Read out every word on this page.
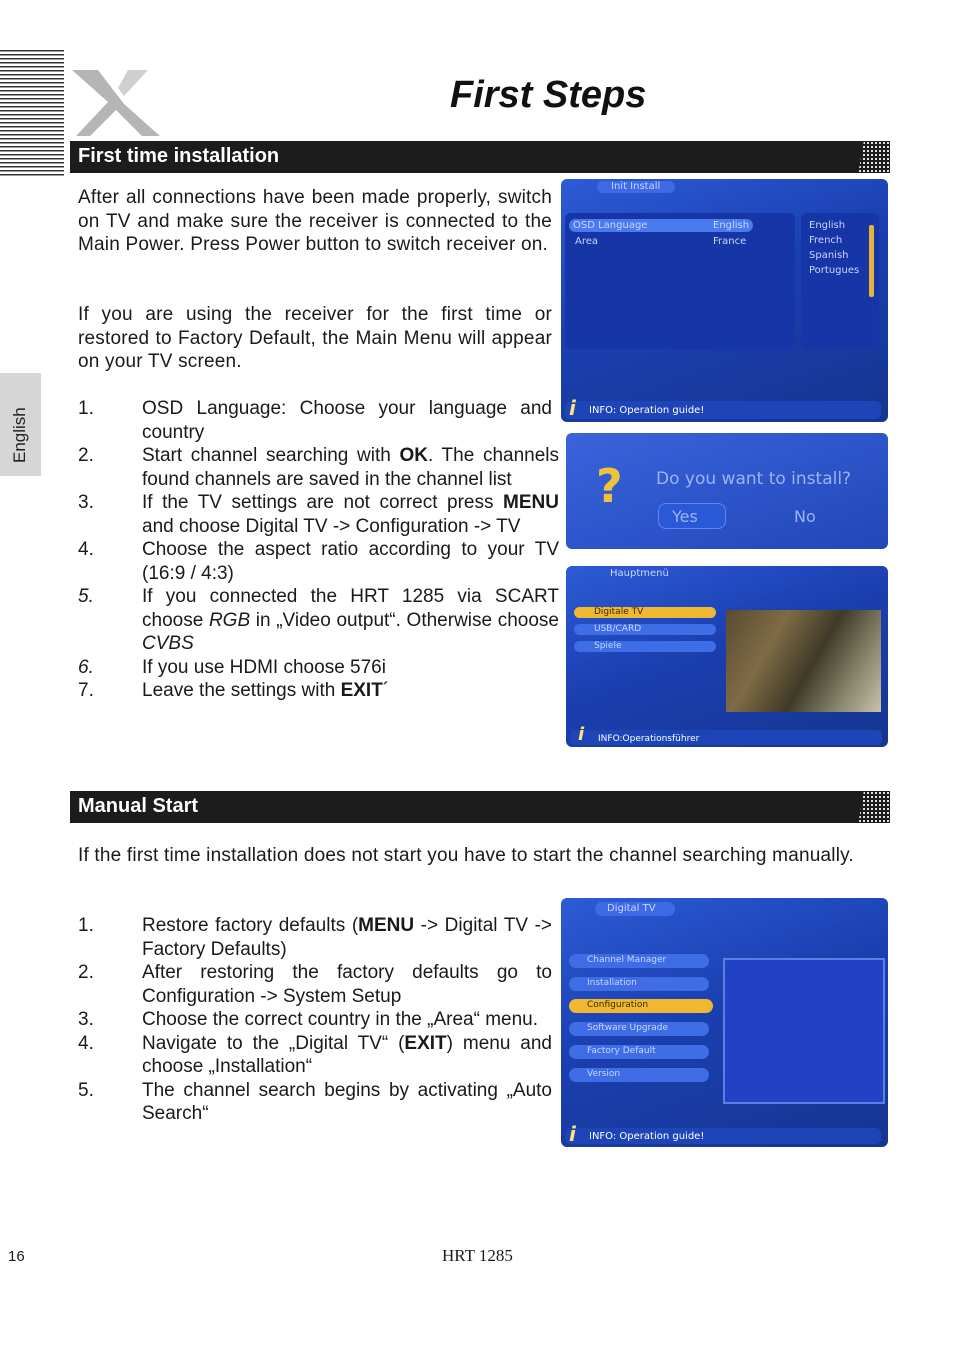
First Steps
English
First time installation
After all connections have been made properly, switch on TV and make sure the receiver is connected to the Main Power. Press Power button to switch receiver on.
If you are using the receiver for the first time or restored to Factory Default, the Main Menu will appear on your TV screen.
1.	OSD Language: Choose your language and country
2.	Start channel searching with OK. The channels found channels are saved in the channel list
3.	If the TV settings are not correct press MENU and choose Digital TV -> Configuration -> TV
4.	Choose the aspect ratio according to your TV (16:9 / 4:3)
5.	If you connected the HRT 1285 via SCART choose RGB in „Video output“. Otherwise choose CVBS
6.	If you use HDMI choose 576i
7.	Leave the settings with EXIT´
Init Install
OSD Language	English
Area	France
English
French
Spanish
Portugues
i INFO: Operation guide!
? Do you want to install?
Yes	No
Hauptmenü
Digitale TV
USB/CARD
Spiele
i INFO:Operationsführer
Manual Start
If the first time installation does not start you have to start the channel searching manually.
1.	Restore factory defaults (MENU -> Digital TV -> Factory Defaults)
2.	After restoring the factory defaults go to Configuration -> System Setup
3.	Choose the correct country in the „Area“ menu.
4.	Navigate to the „Digital TV“ (EXIT) menu and choose „Installation“
5.	The channel search begins by activating „Auto Search“
Digital TV
Channel Manager
Installation
Configuration
Software Upgrade
Factory Default
Version
i INFO: Operation guide!
16	HRT 1285
